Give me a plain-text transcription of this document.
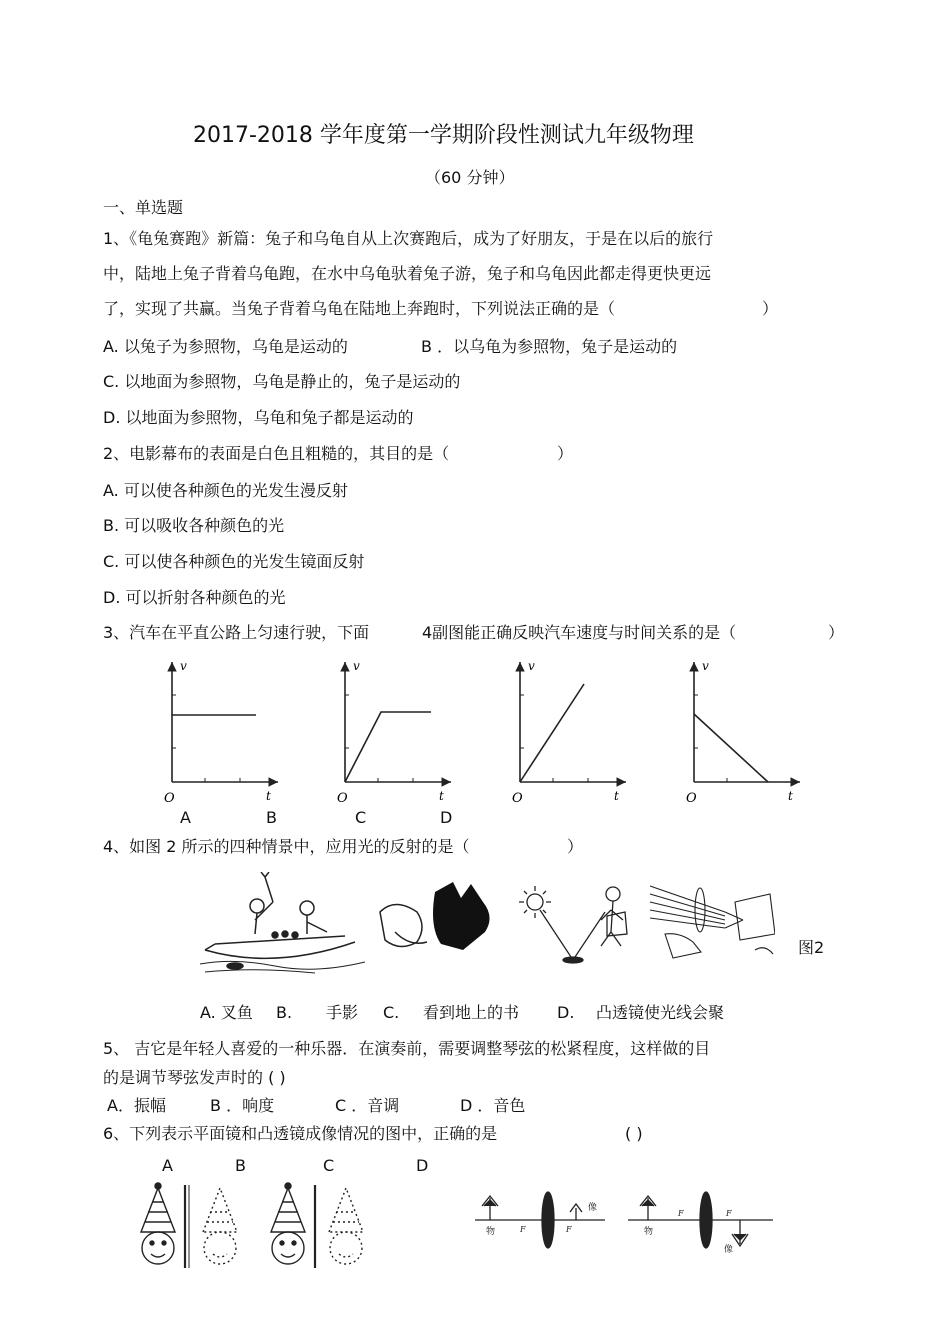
2017-2018 学年度第一学期阶段性测试九年级物理
（60 分钟）
一、单选题
1、《龟兔赛跑》新篇：兔子和乌龟自从上次赛跑后，成为了好朋友，于是在以后的旅行
中，陆地上兔子背着乌龟跑，在水中乌龟驮着兔子游，兔子和乌龟因此都走得更快更远
了，实现了共赢。当兔子背着乌龟在陆地上奔跑时，下列说法正确的是（	）
A. 以兔子为参照物，乌龟是运动的	B ．以乌龟为参照物，兔子是运动的
C. 以地面为参照物，乌龟是静止的，兔子是运动的
D. 以地面为参照物，乌龟和兔子都是运动的
2、电影幕布的表面是白色且粗糙的，其目的是（	）
A. 可以使各种颜色的光发生漫反射
B. 可以吸收各种颜色的光
C. 可以使各种颜色的光发生镜面反射
D. 可以折射各种颜色的光
3、汽车在平直公路上匀速行驶，下面	4副图能正确反映汽车速度与时间关系的是（	）
v
t
O
v
t
O
v
t
O
v
t
O
A	B	C	D
4、如图 2 所示的四种情景中，应用光的反射的是（	）
图2
A. 叉鱼 B. 手影 C. 看到地上的书 D. 凸透镜使光线会聚
5、 吉它是年轻人喜爱的一种乐器．在演奏前，需要调整琴弦的松紧程度，这样做的目
的是调节琴弦发声时的 ( )
A．振幅	B ．响度	C ．音调	D ．音色
6、下列表示平面镜和凸透镜成像情况的图中，正确的是	( )
A	B	C	D
物
像
F	F	物
像
F	F
